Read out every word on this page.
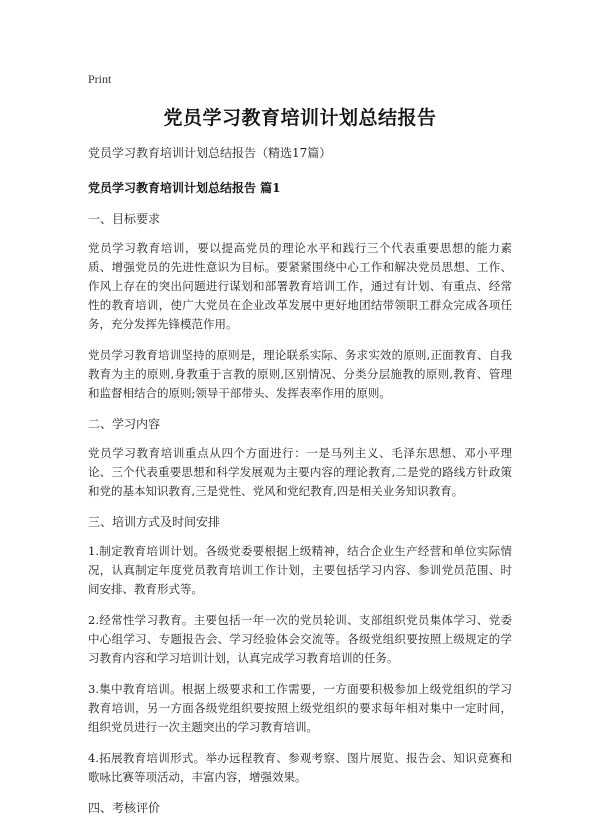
Print
党员学习教育培训计划总结报告
党员学习教育培训计划总结报告（精选17篇）
党员学习教育培训计划总结报告 篇1
一、目标要求

党员学习教育培训，要以提高党员的理论水平和践行三个代表重要思想的能力素质、增强党员的先进性意识为目标。要紧紧围绕中心工作和解决党员思想、工作、作风上存在的突出问题进行谋划和部署教育培训工作，通过有计划、有重点、经常性的教育培训，使广大党员在企业改革发展中更好地团结带领职工群众完成各项任务，充分发挥先锋模范作用。

党员学习教育培训坚持的原则是，理论联系实际、务求实效的原则,正面教育、自我教育为主的原则,身教重于言教的原则,区别情况、分类分层施教的原则,教育、管理和监督相结合的原则;领导干部带头、发挥表率作用的原则。

二、学习内容

党员学习教育培训重点从四个方面进行：一是马列主义、毛泽东思想、邓小平理论、三个代表重要思想和科学发展观为主要内容的理论教育,二是党的路线方针政策和党的基本知识教育,三是党性、党风和党纪教育,四是相关业务知识教育。

三、培训方式及时间安排

1.制定教育培训计划。各级党委要根据上级精神，结合企业生产经营和单位实际情况，认真制定年度党员教育培训工作计划，主要包括学习内容、参训党员范围、时间安排、教育形式等。

2.经常性学习教育。主要包括一年一次的党员轮训、支部组织党员集体学习、党委中心组学习、专题报告会、学习经验体会交流等。各级党组织要按照上级规定的学习教育内容和学习培训计划，认真完成学习教育培训的任务。

3.集中教育培训。根据上级要求和工作需要，一方面要积极参加上级党组织的学习教育培训，另一方面各级党组织要按照上级党组织的要求每年相对集中一定时间，组织党员进行一次主题突出的学习教育培训。

4.拓展教育培训形式。举办远程教育、参观考察、图片展览、报告会、知识竞赛和歌咏比赛等项活动，丰富内容，增强效果。

四、考核评价
